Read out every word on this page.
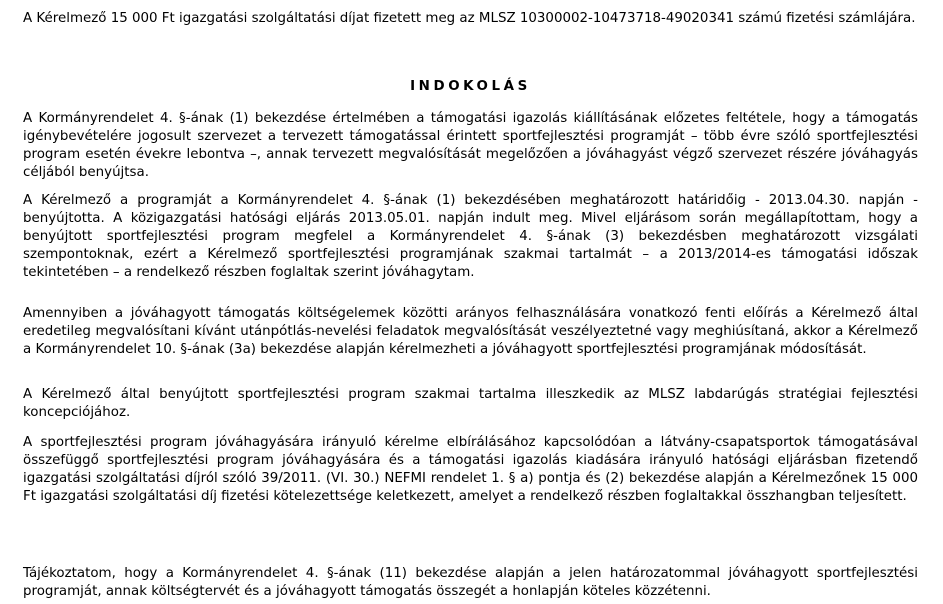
A Kérelmező 15 000 Ft igazgatási szolgáltatási díjat fizetett meg az MLSZ 10300002-10473718-49020341 számú fizetési számlájára.

INDOKOLÁS

A Kormányrendelet 4. §-ának (1) bekezdése értelmében a támogatási igazolás kiállításának előzetes feltétele, hogy a támogatás igénybevételére jogosult szervezet a tervezett támogatással érintett sportfejlesztési programját – több évre szóló sportfejlesztési program esetén évekre lebontva –, annak tervezett megvalósítását megelőzően a jóváhagyást végző szervezet részére jóváhagyás céljából benyújtsa.

A Kérelmező a programját a Kormányrendelet 4. §-ának (1) bekezdésében meghatározott határidőig - 2013.04.30. napján - benyújtotta. A közigazgatási hatósági eljárás 2013.05.01. napján indult meg. Mivel eljárásom során megállapítottam, hogy a benyújtott sportfejlesztési program megfelel a Kormányrendelet 4. §-ának (3) bekezdésben meghatározott vizsgálati szempontoknak, ezért a Kérelmező sportfejlesztési programjának szakmai tartalmát – a 2013/2014-es támogatási időszak tekintetében – a rendelkező részben foglaltak szerint jóváhagytam.

Amennyiben a jóváhagyott támogatás költségelemek közötti arányos felhasználására vonatkozó fenti előírás a Kérelmező által eredetileg megvalósítani kívánt utánpótlás-nevelési feladatok megvalósítását veszélyeztetné vagy meghiúsítaná, akkor a Kérelmező a Kormányrendelet 10. §-ának (3a) bekezdése alapján kérelmezheti a jóváhagyott sportfejlesztési programjának módosítását.

A Kérelmező által benyújtott sportfejlesztési program szakmai tartalma illeszkedik az MLSZ labdarúgás stratégiai fejlesztési koncepciójához.

A sportfejlesztési program jóváhagyására irányuló kérelme elbírálásához kapcsolódóan a látvány-csapatsportok támogatásával összefüggő sportfejlesztési program jóváhagyására és a támogatási igazolás kiadására irányuló hatósági eljárásban fizetendő igazgatási szolgáltatási díjról szóló 39/2011. (VI. 30.) NEFMI rendelet 1. § a) pontja és (2) bekezdése alapján a Kérelmezőnek 15 000 Ft igazgatási szolgáltatási díj fizetési kötelezettsége keletkezett, amelyet a rendelkező részben foglaltakkal összhangban teljesített.

Tájékoztatom, hogy a Kormányrendelet 4. §-ának (11) bekezdése alapján a jelen határozatommal jóváhagyott sportfejlesztési programját, annak költségtervét és a jóváhagyott támogatás összegét a honlapján köteles közzétenni.
